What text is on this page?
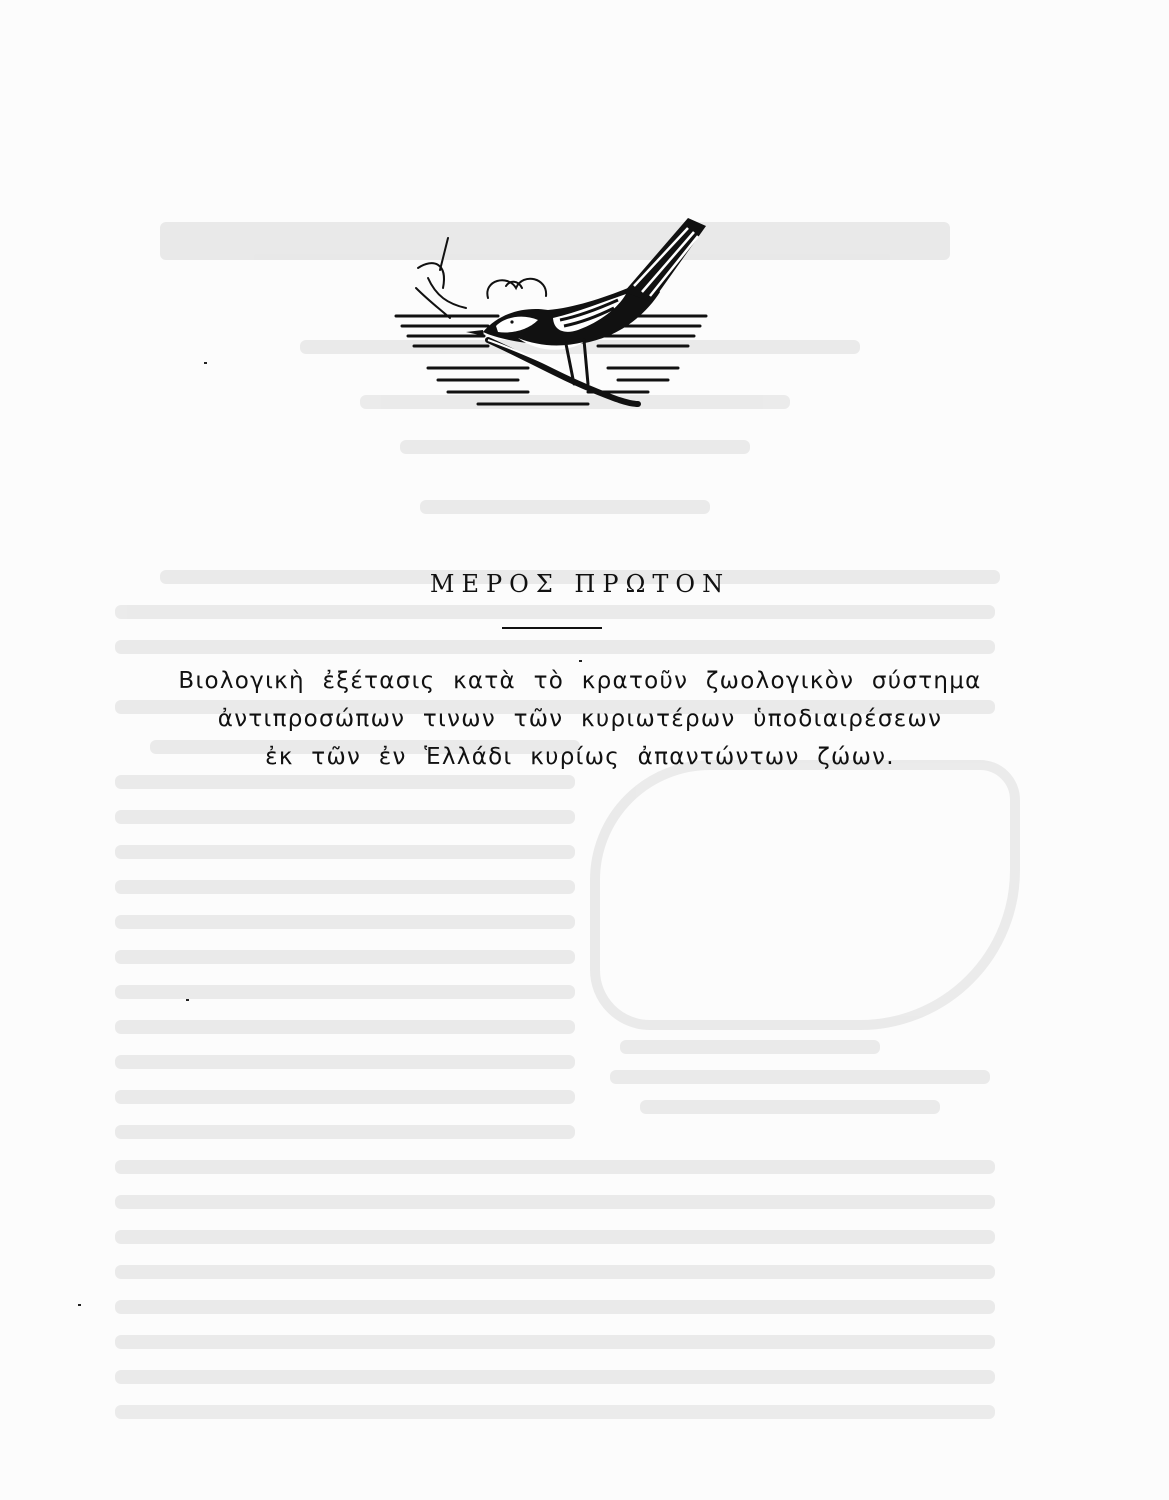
ΜΕΡΟΣ ΠΡΩΤΟΝ
Βιολογικὴ ἐξέτασις κατὰ τὸ κρατοῦν ζωολογικὸν σύστημα
ἀντιπροσώπων τινων τῶν κυριωτέρων ὑποδιαιρέσεων
ἐκ τῶν ἐν Ἑλλάδι κυρίως ἀπαντώντων ζώων.
